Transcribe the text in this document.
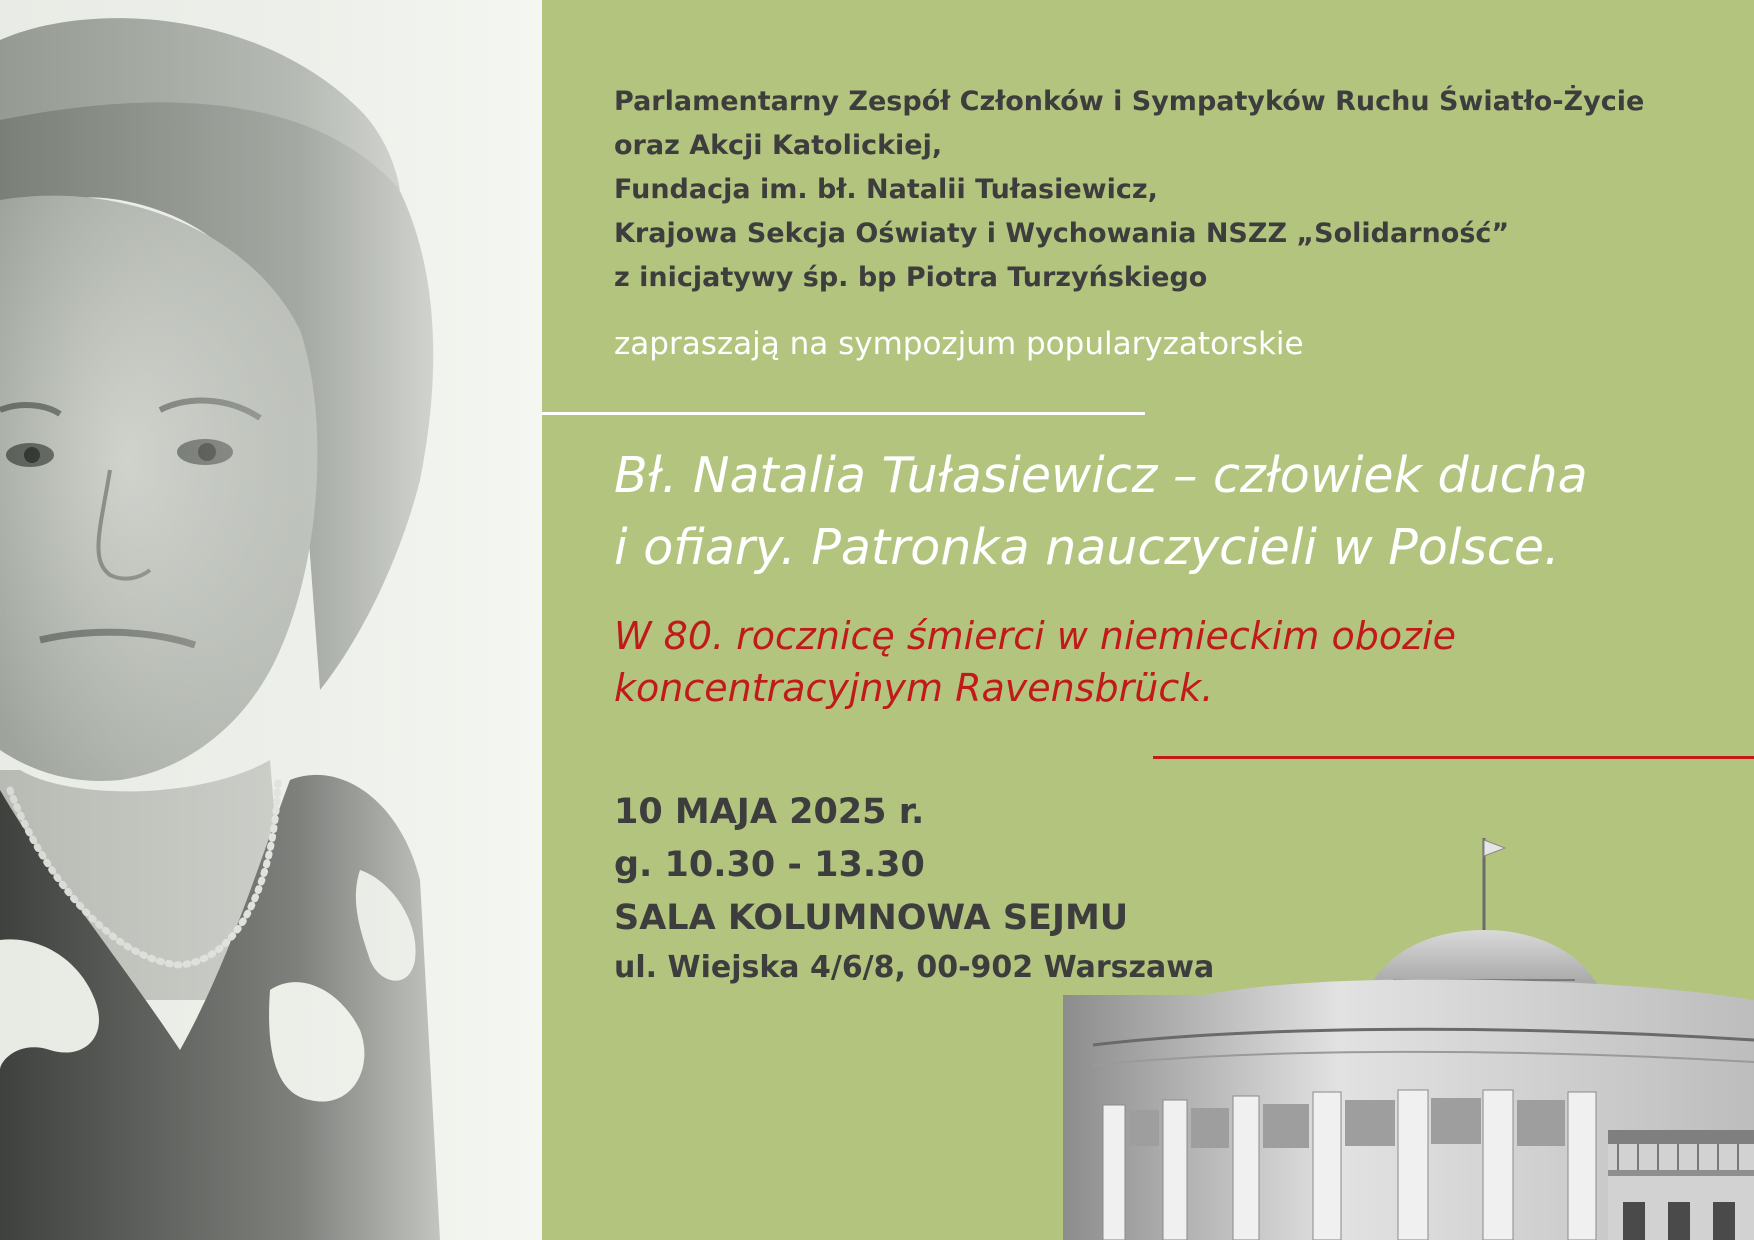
Parlamentarny Zespół Członków i Sympatyków Ruchu Światło-Życie
oraz Akcji Katolickiej,
Fundacja im. bł. Natalii Tułasiewicz,
Krajowa Sekcja Oświaty i Wychowania NSZZ „Solidarność”
z inicjatywy śp. bp Piotra Turzyńskiego
zapraszają na sympozjum popularyzatorskie
Bł. Natalia Tułasiewicz – człowiek ducha
i ofiary. Patronka nauczycieli w Polsce.
W 80. rocznicę śmierci w niemieckim obozie
koncentracyjnym Ravensbrück.
10 MAJA 2025 r.
g. 10.30 - 13.30
SALA KOLUMNOWA SEJMU
ul. Wiejska 4/6/8, 00-902 Warszawa
